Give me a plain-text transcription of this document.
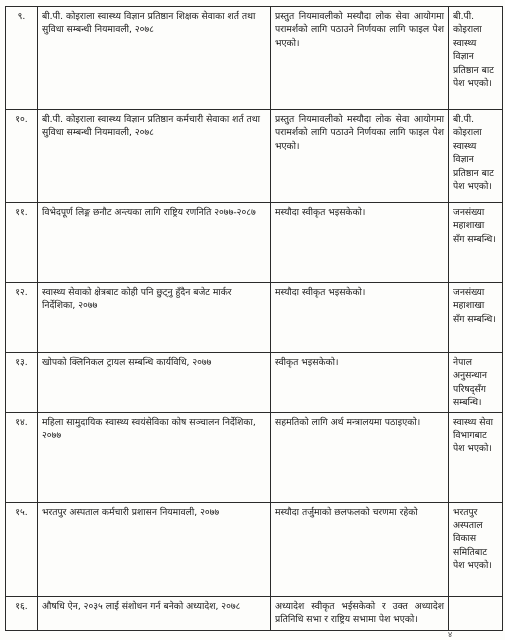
९.	बी.पी. कोइराला स्वास्थ्य विज्ञान प्रतिष्ठान शिक्षक सेवाका शर्त तथा सुविधा सम्बन्धी नियमावली, २०७८	प्रस्तुत नियमावलीको मस्यौदा लोक सेवा आयोगमा परामर्शको लागि पठाउने निर्णयका लागि फाइल पेश भएको।	बी.पी. कोइराला स्वास्थ्य विज्ञान प्रतिष्ठान बाट पेश भएको।
१०.	बी.पी. कोइराला स्वास्थ्य विज्ञान प्रतिष्ठान कर्मचारी सेवाका शर्त तथा सुविधा सम्बन्धी नियमावली, २०७८	प्रस्तुत नियमावलीको मस्यौदा लोक सेवा आयोगमा परामर्शको लागि पठाउने निर्णयका लागि फाइल पेश भएको।	बी.पी. कोइराला स्वास्थ्य विज्ञान प्रतिष्ठान बाट पेश भएको।
११.	विभेदपूर्ण लिङ्ग छनौट अन्त्यका लागि राष्ट्रिय रणनिति २०७७-२०८७	मस्यौदा स्वीकृत भइसकेको।	जनसंख्या महाशाखा सँग सम्बन्धि।
१२.	स्वास्थ्य सेवाको क्षेत्रबाट कोही पनि छुट्नु हुँदैन बजेट मार्कर निर्देशिका, २०७७	मस्यौदा स्वीकृत भइसकेको।	जनसंख्या महाशाखा सँग सम्बन्धि।
१३.	खोपको क्लिनिकल ट्रायल सम्बन्धि कार्यविधि, २०७७	स्वीकृत भइसकेको।	नेपाल अनुसन्धान परिषद्सँग सम्बन्धि।
१४.	महिला सामुदायिक स्वास्थ्य स्वयंसेविका कोष सञ्चालन निर्देशिका, २०७७	सहमतिको लागि अर्थ मन्त्रालयमा पठाइएको।	स्वास्थ्य सेवा विभागबाट पेश भएको।
१५.	भरतपुर अस्पताल कर्मचारी प्रशासन नियमावली, २०७७	मस्यौदा तर्जुमाको छलफलको चरणमा रहेको	भरतपुर अस्पताल विकास समितिबाट पेश भएको।
१६.	औषधि ऐन, २०३५ लाई संशोधन गर्न बनेको अध्यादेश, २०७८	अध्यादेश स्वीकृत भईसकेको र उक्त अध्यादेश प्रतिनिधि सभा र राष्ट्रिय सभामा पेश भएको।	
४
